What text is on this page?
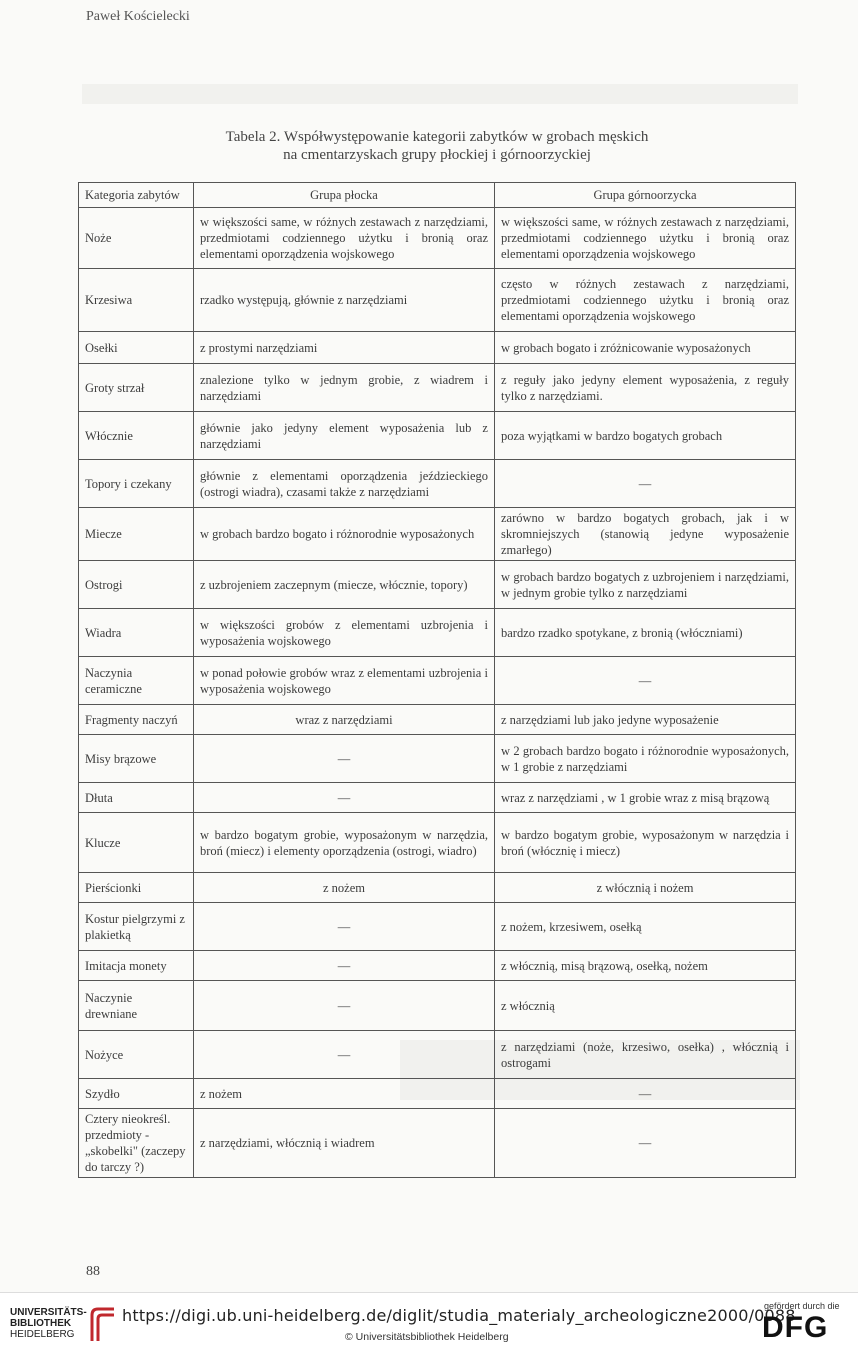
Paweł Kościelecki
Tabela 2. Współwystępowanie kategorii zabytków w grobach męskich
na cmentarzyskach grupy płockiej i górnoorzyckiej
Kategoria zabytów	Grupa płocka	Grupa górnoorzycka
Noże	w większości same, w różnych zestawach z narzędziami, przedmiotami codziennego użytku i bronią oraz elementami oporządzenia wojskowego	w większości same, w różnych zestawach z narzędziami, przedmiotami codziennego użytku i bronią oraz elementami oporządzenia wojskowego
Krzesiwa	rzadko występują, głównie z narzędziami	często w różnych zestawach z narzędziami, przedmiotami codziennego użytku i bronią oraz elementami oporządzenia wojskowego
Osełki	z prostymi narzędziami	w grobach bogato i zróżnicowanie wyposażonych
Groty strzał	znalezione tylko w jednym grobie, z wiadrem i narzędziami	z reguły jako jedyny element wyposażenia, z reguły tylko z narzędziami.
Włócznie	głównie jako jedyny element wyposażenia lub z narzędziami	poza wyjątkami w bardzo bogatych grobach
Topory i czekany	głównie z elementami oporządzenia jeździeckiego (ostrogi wiadra), czasami także z narzędziami	—
Miecze	w grobach bardzo bogato i różnorodnie wyposażonych	zarówno w bardzo bogatych grobach, jak i w skromniejszych (stanowią jedyne wyposażenie zmarłego)
Ostrogi	z uzbrojeniem zaczepnym (miecze, włócznie, topory)	w grobach bardzo bogatych z uzbrojeniem i narzędziami, w jednym grobie tylko z narzędziami
Wiadra	w większości grobów z elementami uzbrojenia i wyposażenia wojskowego	bardzo rzadko spotykane, z bronią (włóczniami)
Naczynia ceramiczne	w ponad połowie grobów wraz z elementami uzbrojenia i wyposażenia wojskowego	—
Fragmenty naczyń	wraz z narzędziami	z narzędziami lub jako jedyne wyposażenie
Misy brązowe	—	w 2 grobach bardzo bogato i różnorodnie wyposażonych, w 1 grobie z narzędziami
Dłuta	—	wraz z narzędziami , w 1 grobie wraz z misą brązową
Klucze	w bardzo bogatym grobie, wyposażonym w narzędzia, broń (miecz) i elementy oporządzenia (ostrogi, wiadro)	w bardzo bogatym grobie, wyposażonym w narzędzia i broń (włócznię i miecz)
Pierścionki	z nożem	z włócznią i nożem
Kostur pielgrzymi z plakietką	—	z nożem, krzesiwem, osełką
Imitacja monety	—	z włócznią, misą brązową, osełką, nożem
Naczynie drewniane	—	z włócznią
Nożyce	—	z narzędziami (noże, krzesiwo, osełka) , włócznią i ostrogami
Szydło	z nożem	—
Cztery nieokreśl. przedmioty - „skobelki" (zaczepy do tarczy ?)	z narzędziami, włócznią i wiadrem	—
88
UNIVERSITÄTS-
BIBLIOTHEK
HEIDELBERG
https://digi.ub.uni-heidelberg.de/diglit/studia_materialy_archeologiczne2000/0088
© Universitätsbibliothek Heidelberg
gefördert durch die
DFG
